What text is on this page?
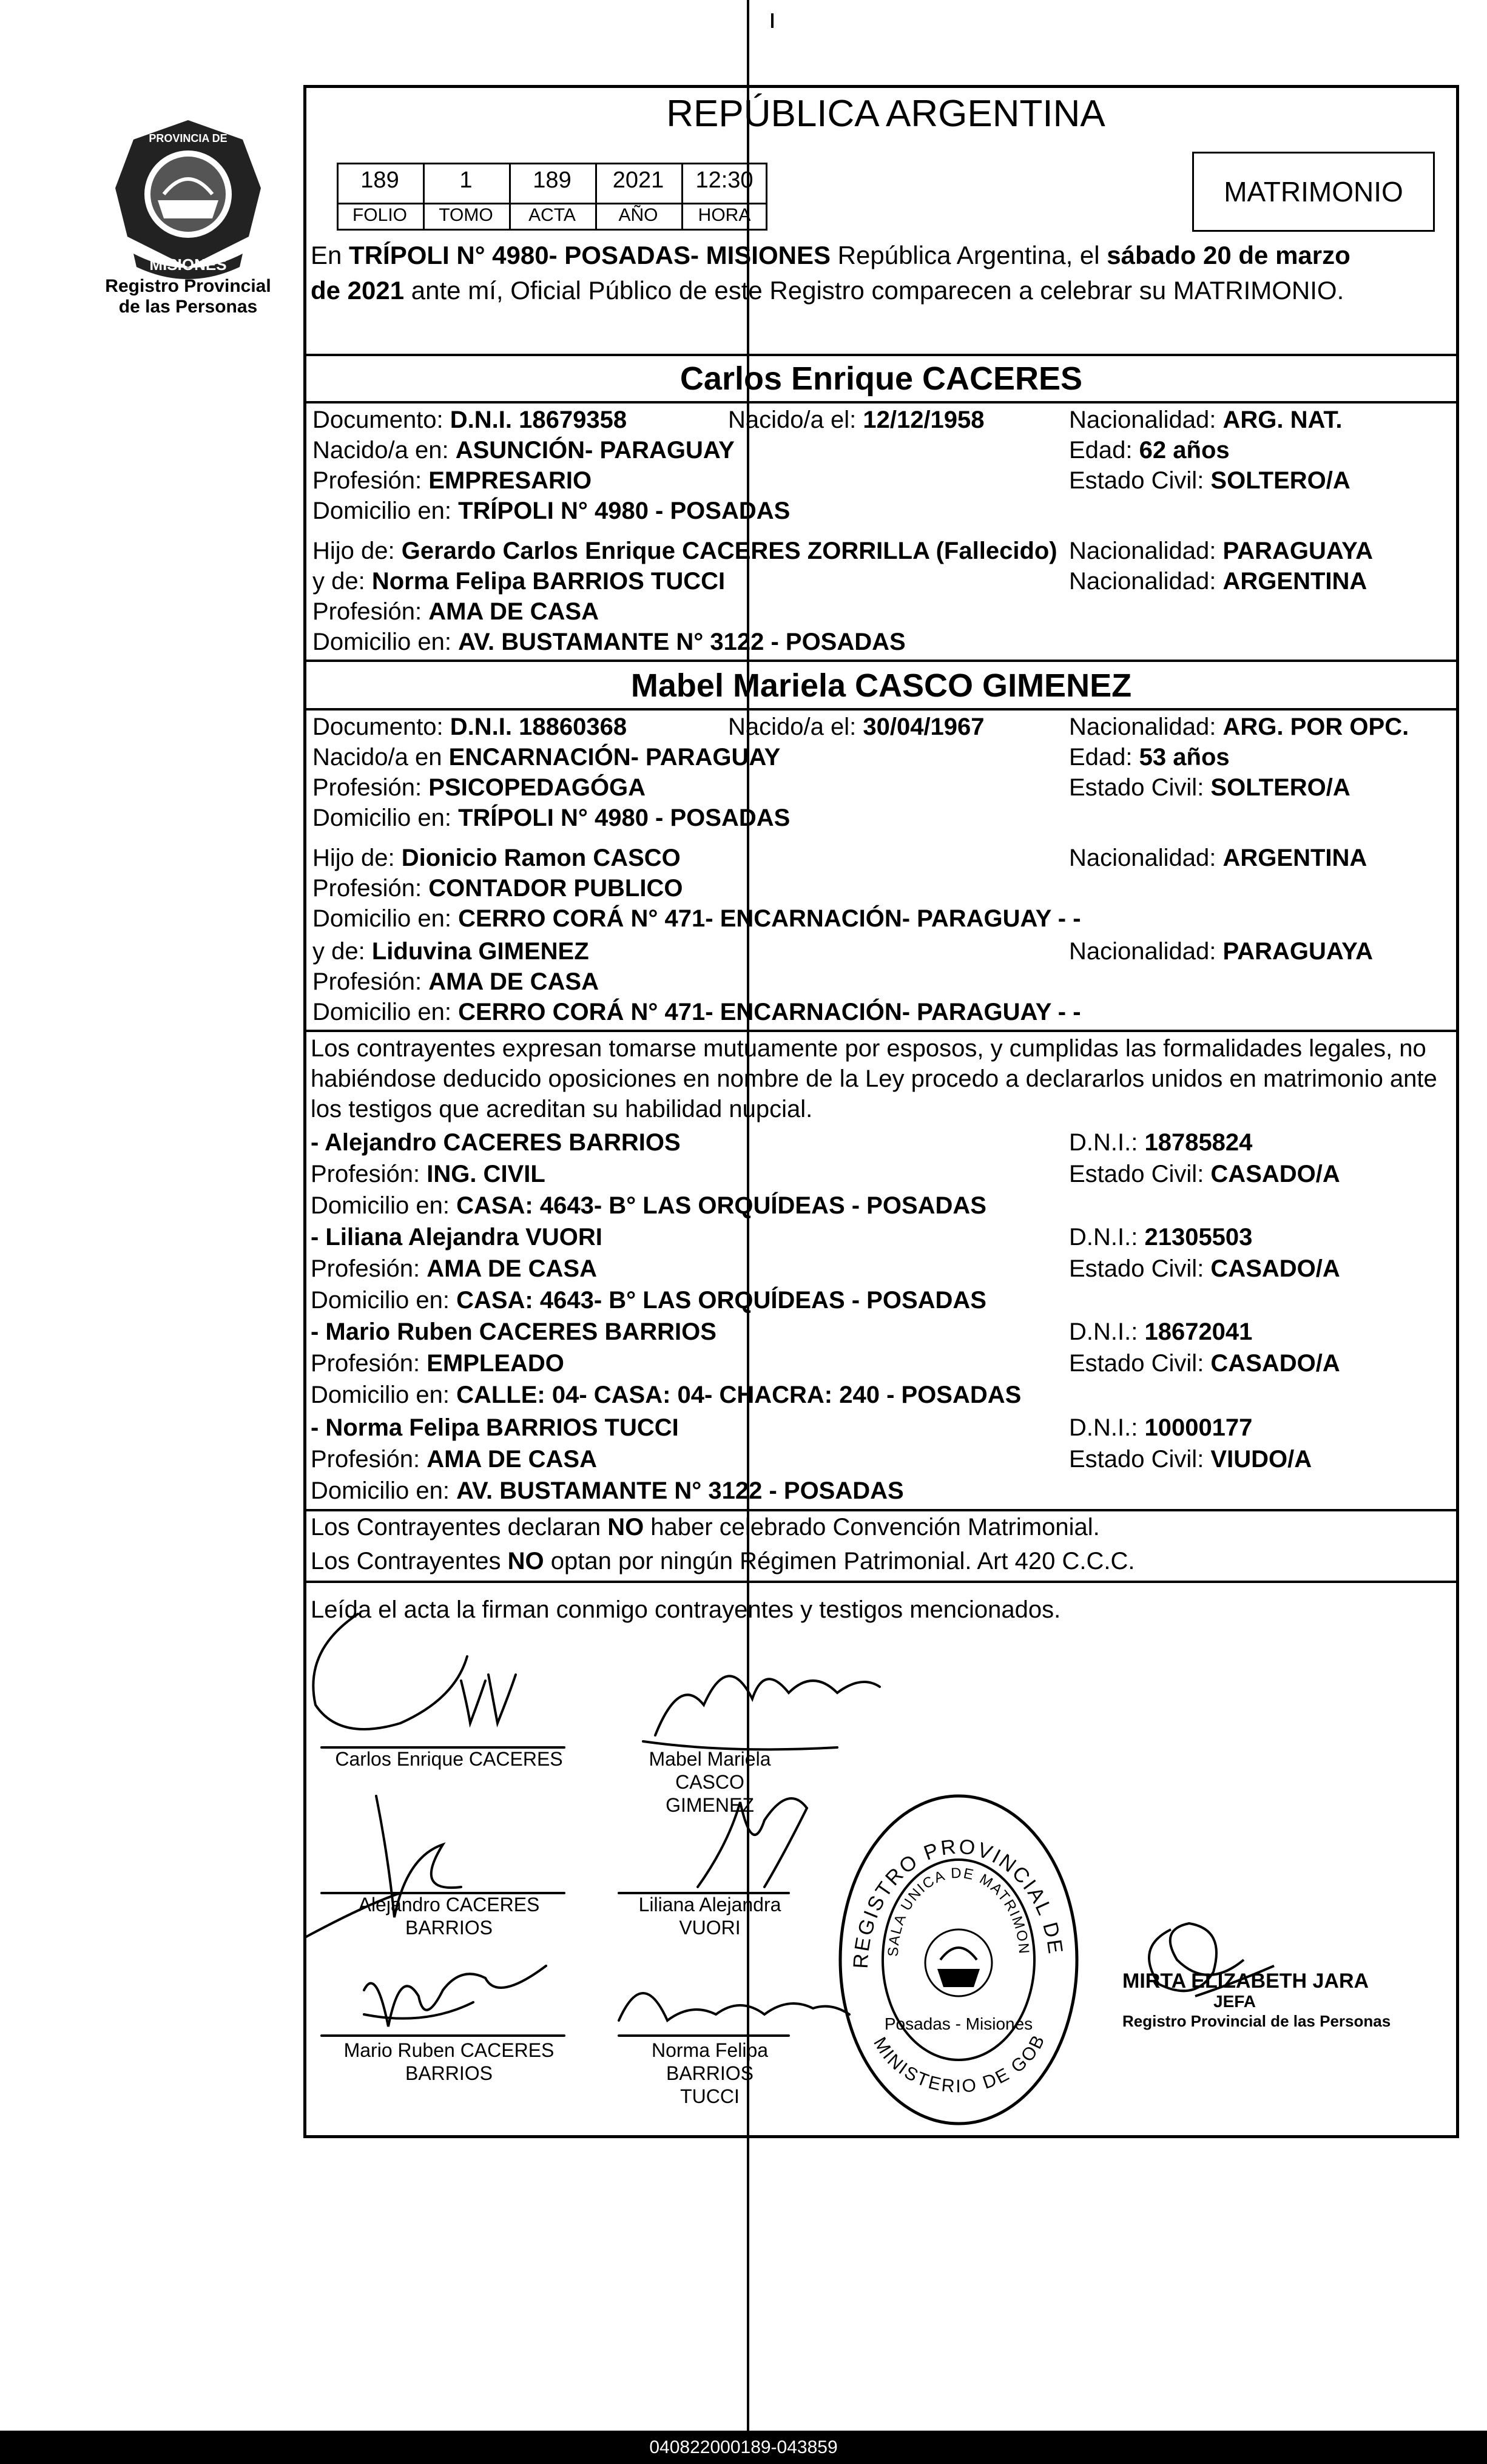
MISIONES
PROVINCIA DE
Registro Provincial
de las Personas
REPÚBLICA ARGENTINA
189	1	189	2021	12:30
FOLIO	TOMO	ACTA	AÑO	HORA
MATRIMONIO
En TRÍPOLI N° 4980- POSADAS- MISIONES República Argentina, el sábado 20 de marzo
de 2021 ante mí, Oficial Público de este Registro comparecen a celebrar su MATRIMONIO.
Carlos Enrique CACERES
Documento: D.N.I. 18679358	Nacido/a el: 12/12/1958	Nacionalidad: ARG. NAT.
Nacido/a en: ASUNCIÓN- PARAGUAY	Edad: 62 años
Profesión: EMPRESARIO	Estado Civil: SOLTERO/A
Domicilio en: TRÍPOLI N° 4980 - POSADAS
Hijo de: Gerardo Carlos Enrique CACERES ZORRILLA (Fallecido) Nacionalidad: PARAGUAYA
y de: Norma Felipa BARRIOS TUCCI	Nacionalidad: ARGENTINA
Profesión: AMA DE CASA
Domicilio en: AV. BUSTAMANTE N° 3122 - POSADAS
Mabel Mariela CASCO GIMENEZ
Documento: D.N.I. 18860368	Nacido/a el: 30/04/1967	Nacionalidad: ARG. POR OPC.
Nacido/a en ENCARNACIÓN- PARAGUAY	Edad: 53 años
Profesión: PSICOPEDAGÓGA	Estado Civil: SOLTERO/A
Domicilio en: TRÍPOLI N° 4980 - POSADAS
Hijo de: Dionicio Ramon CASCO	Nacionalidad: ARGENTINA
Profesión: CONTADOR PUBLICO
Domicilio en: CERRO CORÁ N° 471- ENCARNACIÓN- PARAGUAY - -
y de: Liduvina GIMENEZ	Nacionalidad: PARAGUAYA
Profesión: AMA DE CASA
Domicilio en: CERRO CORÁ N° 471- ENCARNACIÓN- PARAGUAY - -
Los contrayentes expresan tomarse mutuamente por esposos, y cumplidas las formalidades legales, no
habiéndose deducido oposiciones en nombre de la Ley procedo a declararlos unidos en matrimonio ante
los testigos que acreditan su habilidad nupcial.
- Alejandro CACERES BARRIOS	D.N.I.: 18785824
Profesión: ING. CIVIL	Estado Civil: CASADO/A
Domicilio en: CASA: 4643- B° LAS ORQUÍDEAS - POSADAS
- Liliana Alejandra VUORI	D.N.I.: 21305503
Profesión: AMA DE CASA	Estado Civil: CASADO/A
Domicilio en: CASA: 4643- B° LAS ORQUÍDEAS - POSADAS
- Mario Ruben CACERES BARRIOS	D.N.I.: 18672041
Profesión: EMPLEADO	Estado Civil: CASADO/A
Domicilio en: CALLE: 04- CASA: 04- CHACRA: 240 - POSADAS
- Norma Felipa BARRIOS TUCCI	D.N.I.: 10000177
Profesión: AMA DE CASA	Estado Civil: VIUDO/A
Domicilio en: AV. BUSTAMANTE N° 3122 - POSADAS
Los Contrayentes declaran NO haber celebrado Convención Matrimonial.
Los Contrayentes NO optan por ningún Régimen Patrimonial. Art 420 C.C.C.
Leída el acta la firman conmigo contrayentes y testigos mencionados.
Carlos Enrique CACERES	Mabel Mariela CASCO
GIMENEZ
Alejandro CACERES
BARRIOS
Liliana Alejandra VUORI
Mario Ruben CACERES
BARRIOS
Norma Felipa BARRIOS
TUCCI
REGISTRO PROVINCIAL DE
SALA UNICA DE MATRIMON
MINISTERIO DE GOB
Posadas - Misiones
MIRTA ELIZABETH JARA
JEFA
Registro Provincial de las Personas
040822000189-043859
